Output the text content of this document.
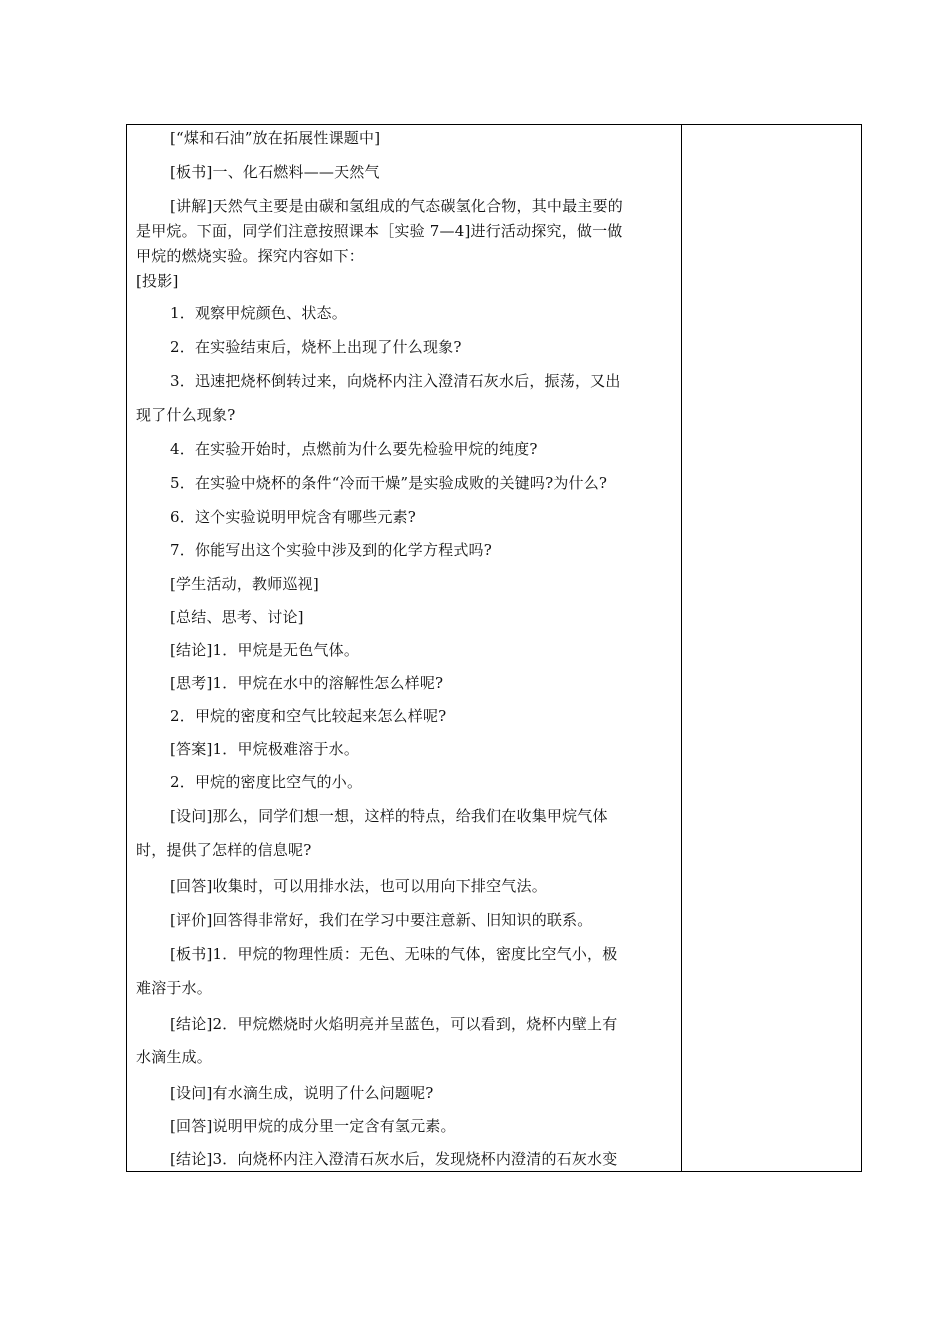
[“煤和石油”放在拓展性课题中]
[板书]一、化石燃料——天然气
[讲解]天然气主要是由碳和氢组成的气态碳氢化合物，其中最主要的
是甲烷。下面，同学们注意按照课本［实验 7—4]进行活动探究，做一做
甲烷的燃烧实验。探究内容如下：
[投影]
1．观察甲烷颜色、状态。
2．在实验结束后，烧杯上出现了什么现象?
3．迅速把烧杯倒转过来，向烧杯内注入澄清石灰水后，振荡，又出
现了什么现象?
4．在实验开始时，点燃前为什么要先检验甲烷的纯度?
5．在实验中烧杯的条件“冷而干燥”是实验成败的关键吗?为什么?
6．这个实验说明甲烷含有哪些元素?
7．你能写出这个实验中涉及到的化学方程式吗?
[学生活动，教师巡视]
[总结、思考、讨论]
[结论]1．甲烷是无色气体。
[思考]1．甲烷在水中的溶解性怎么样呢?
2．甲烷的密度和空气比较起来怎么样呢?
[答案]1．甲烷极难溶于水。
2．甲烷的密度比空气的小。
[设问]那么，同学们想一想，这样的特点，给我们在收集甲烷气体
时，提供了怎样的信息呢?
[回答]收集时，可以用排水法，也可以用向下排空气法。
[评价]回答得非常好，我们在学习中要注意新、旧知识的联系。
[板书]1．甲烷的物理性质：无色、无味的气体，密度比空气小，极
难溶于水。
[结论]2．甲烷燃烧时火焰明亮并呈蓝色，可以看到，烧杯内壁上有
水滴生成。
[设问]有水滴生成，说明了什么问题呢?
[回答]说明甲烷的成分里一定含有氢元素。
[结论]3．向烧杯内注入澄清石灰水后，发现烧杯内澄清的石灰水变
